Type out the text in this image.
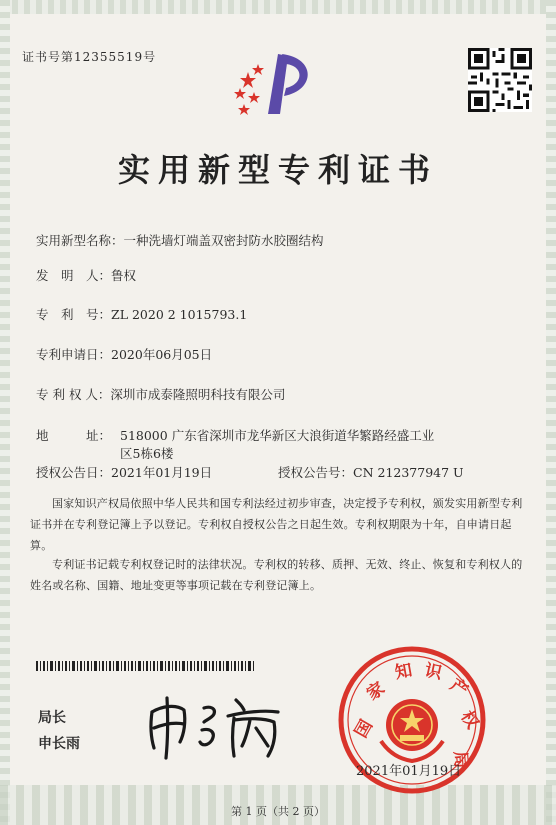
证书号第12355519号
实用新型专利证书
实用新型名称：一种洗墙灯端盖双密封防水胶圈结构
发　明　人：鲁权
专　利　号：ZL 2020 2 1015793.1
专利申请日：2020年06月05日
专 利 权 人：深圳市成泰隆照明科技有限公司
地　　　址： 518000 广东省深圳市龙华新区大浪街道华繁路经盛工业
区5栋6楼
授权公告日：2021年01月19日	授权公告号：CN 212377947 U
国家知识产权局依照中华人民共和国专利法经过初步审查，决定授予专利权，颁发实用新型专利证书并在专利登记簿上予以登记。专利权自授权公告之日起生效。专利权期限为十年，自申请日起算。
专利证书记载专利权登记时的法律状况。专利权的转移、质押、无效、终止、恢复和专利权人的姓名或名称、国籍、地址变更等事项记载在专利登记簿上。
局长
申长雨
国
家
知 识
产
权
局
2021年01月19日
第 1 页（共 2 页）
